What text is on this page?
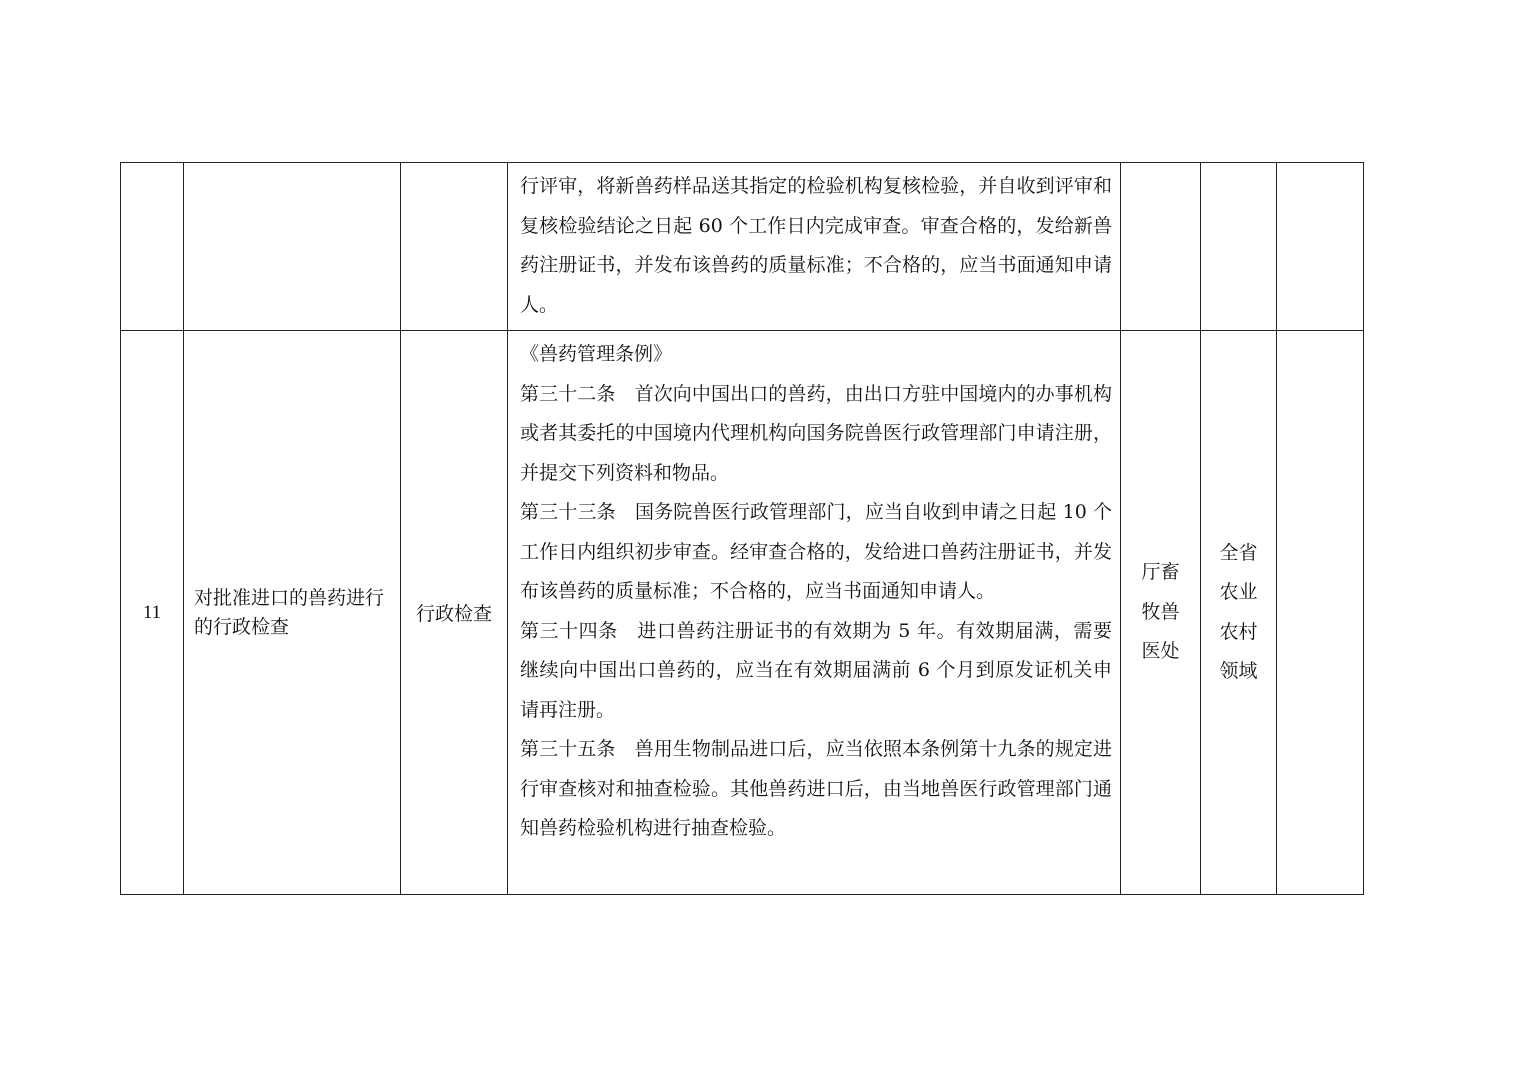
			行评审，将新兽药样品送其指定的检验机构复核检验，并自收到评审和复核检验结论之日起 60 个工作日内完成审查。审查合格的，发给新兽药注册证书，并发布该兽药的质量标准；不合格的，应当书面通知申请人。			

11	对批准进口的兽药进行的行政检查	行政检查	《兽药管理条例》

第三十二条　首次向中国出口的兽药，由出口方驻中国境内的办事机构或者其委托的中国境内代理机构向国务院兽医行政管理部门申请注册，并提交下列资料和物品。

第三十三条　国务院兽医行政管理部门，应当自收到申请之日起 10 个工作日内组织初步审查。经审查合格的，发给进口兽药注册证书，并发布该兽药的质量标准；不合格的，应当书面通知申请人。

第三十四条　进口兽药注册证书的有效期为 5 年。有效期届满，需要继续向中国出口兽药的，应当在有效期届满前 6 个月到原发证机关申请再注册。

第三十五条　兽用生物制品进口后，应当依照本条例第十九条的规定进行审查核对和抽查检验。其他兽药进口后，由当地兽医行政管理部门通知兽药检验机构进行抽查检验。	厅畜牧兽医处	全省农业农村领域	
